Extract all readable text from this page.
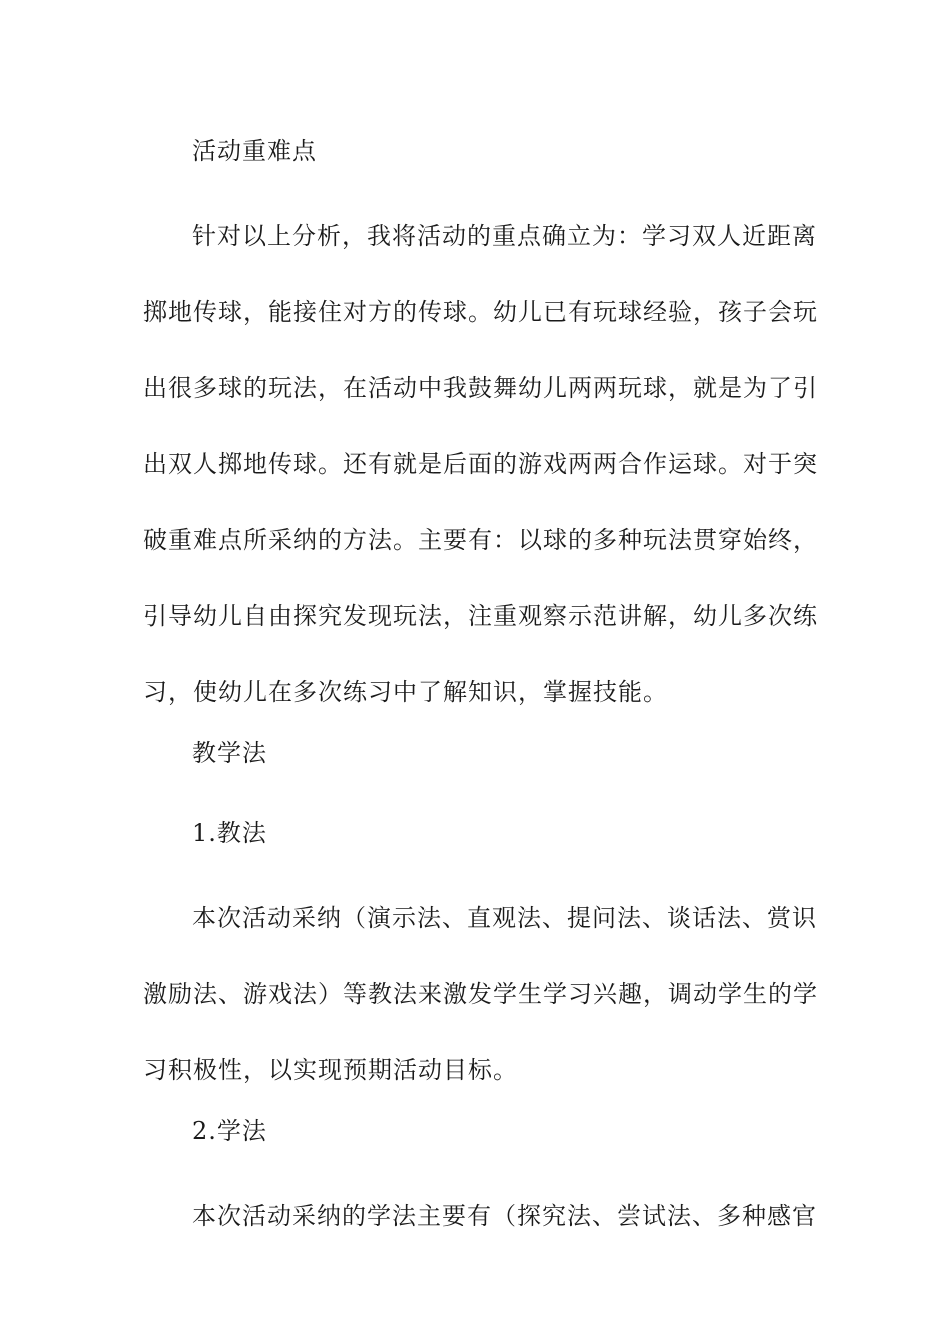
活动重难点

针对以上分析，我将活动的重点确立为：学习双人近距离
掷地传球，能接住对方的传球。幼儿已有玩球经验，孩子会玩
出很多球的玩法，在活动中我鼓舞幼儿两两玩球，就是为了引
出双人掷地传球。还有就是后面的游戏两两合作运球。对于突
破重难点所采纳的方法。主要有：以球的多种玩法贯穿始终，
引导幼儿自由探究发现玩法，注重观察示范讲解，幼儿多次练
习，使幼儿在多次练习中了解知识，掌握技能。

教学法

1.教法

本次活动采纳（演示法、直观法、提问法、谈话法、赏识
激励法、游戏法）等教法来激发学生学习兴趣，调动学生的学
习积极性，以实现预期活动目标。

2.学法

本次活动采纳的学法主要有（探究法、尝试法、多种感官
